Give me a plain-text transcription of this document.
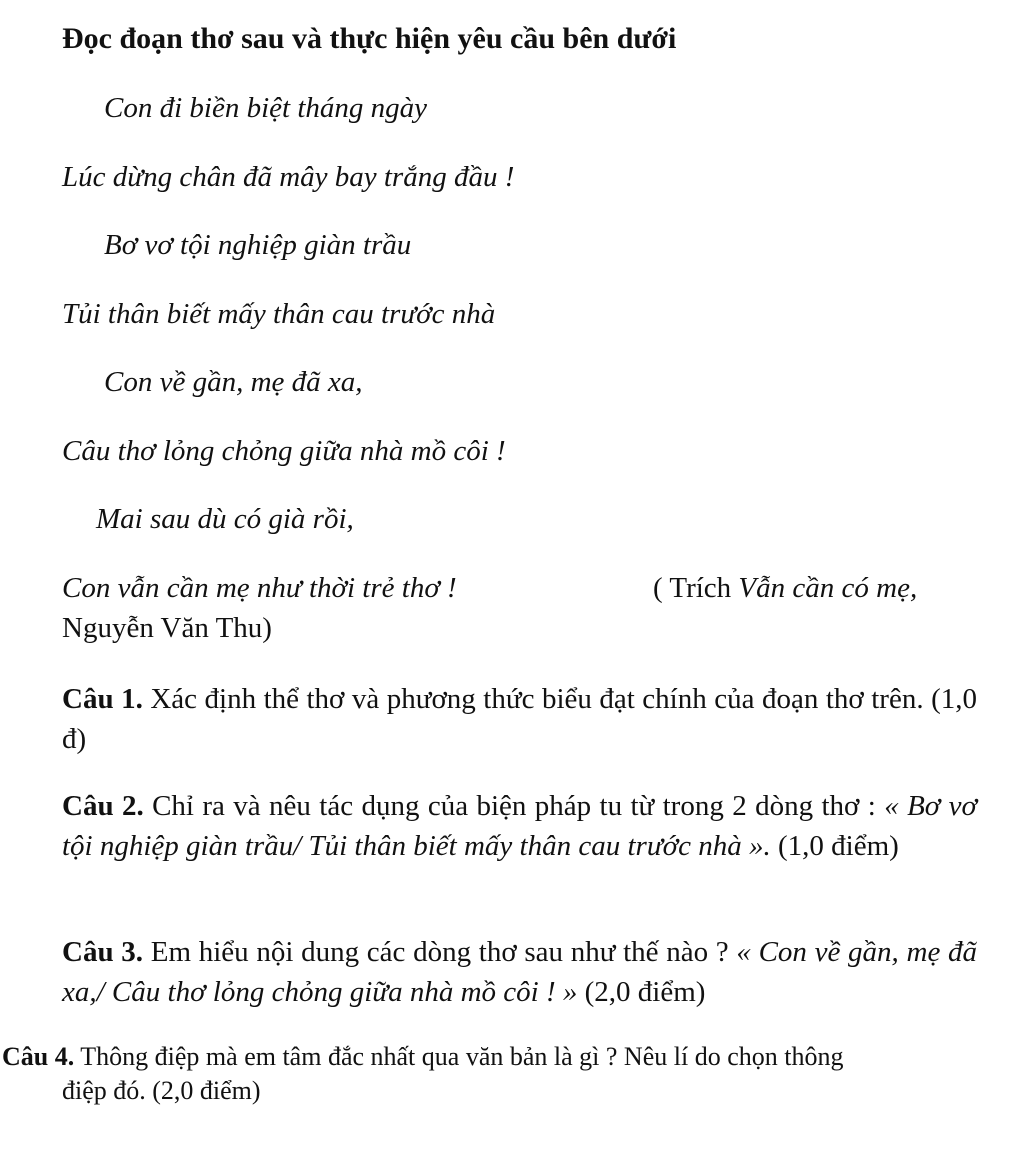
Đọc đoạn thơ sau và thực hiện yêu cầu bên dưới
Con đi biền biệt tháng ngày
Lúc dừng chân đã mây bay trắng đầu !
Bơ vơ tội nghiệp giàn trầu
Tủi thân biết mấy thân cau trước nhà
Con về gần, mẹ đã xa,
Câu thơ lỏng chỏng giữa nhà mồ côi !
Mai sau dù có già rồi,
Con vẫn cần mẹ như thời trẻ thơ !	( Trích Vẫn cần có mẹ,
Nguyễn Văn Thu)
Câu 1. Xác định thể thơ và phương thức biểu đạt chính của đoạn thơ trên. (1,0 đ)
Câu 2. Chỉ ra và nêu tác dụng của biện pháp tu từ trong 2 dòng thơ : « Bơ vơ tội nghiệp giàn trầu/ Tủi thân biết mấy thân cau trước nhà ». (1,0 điểm)
Câu 3. Em hiểu nội dung các dòng thơ sau như thế nào ? « Con về gần, mẹ đã xa,/ Câu thơ lỏng chỏng giữa nhà mồ côi ! » (2,0 điểm)
Câu 4. Thông điệp mà em tâm đắc nhất qua văn bản là gì ? Nêu lí do chọn thông
điệp đó. (2,0 điểm)
